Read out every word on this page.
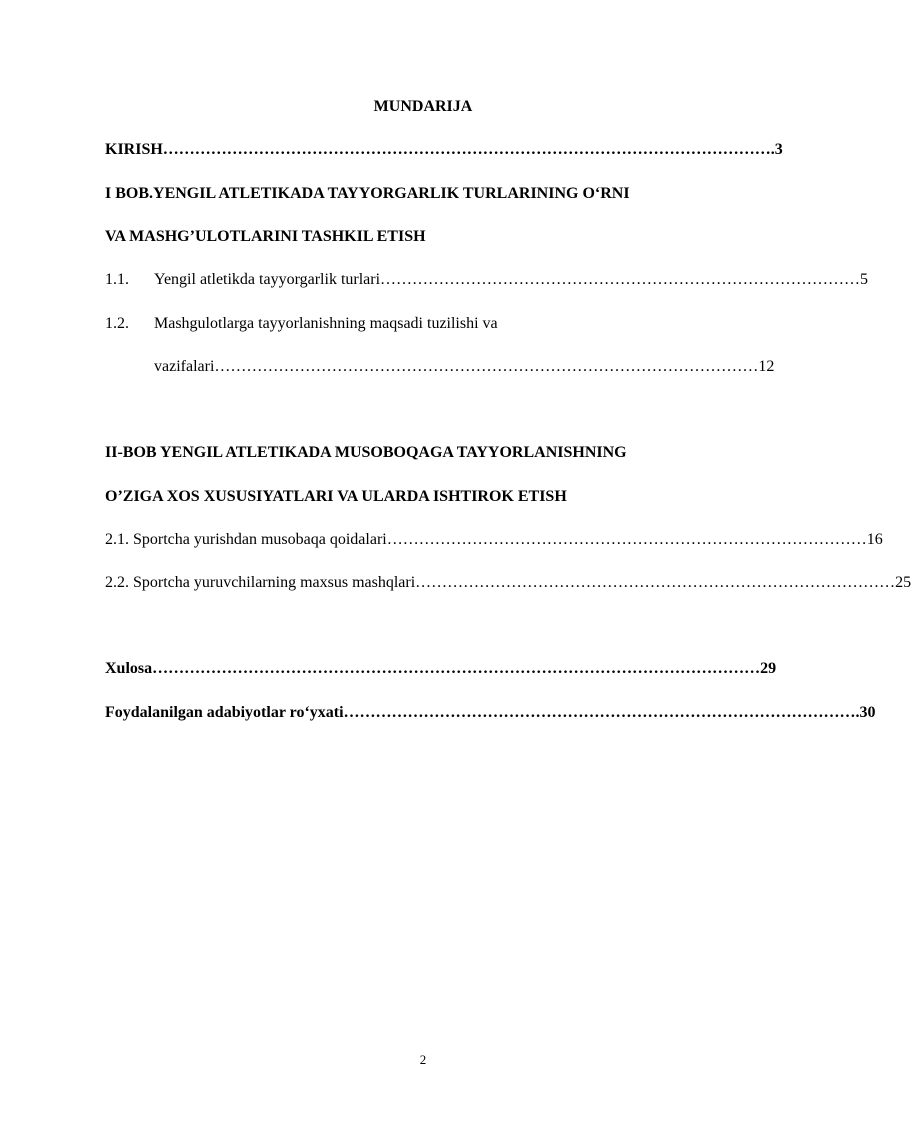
MUNDARIJA
KIRISH …………………………………………………………………………………………………… .3
I BOB.YENGIL ATLETIKADA TAYYORGARLIK TURLARINING O‘RNI
VA MASHG’ULOTLARINI TASHKIL ETISH
1.1. Yengil atletikda tayyorgarlik turlari ……………………………………………………………………………… 5
1.2. Mashgulotlarga tayyorlanishning maqsadi tuzilishi va
vazifalari ………………………………………………………………………………………… 12
II-BOB YENGIL ATLETIKADA MUSOBOQAGA TAYYORLANISHNING
O’ZIGA XOS XUSUSIYATLARI VA ULARDA ISHTIROK ETISH
2.1. Sportcha yurishdan musobaqa qoidalari ……………………………………………………………………………… 16
2.2. Sportcha yuruvchilarning maxsus mashqlari ……………………………………………………………………………… 25
Xulosa …………………………………………………………………………………………………… 29
Foydalanilgan adabiyotlar ro‘yxati …………………………………………………………………………………… .30
2
